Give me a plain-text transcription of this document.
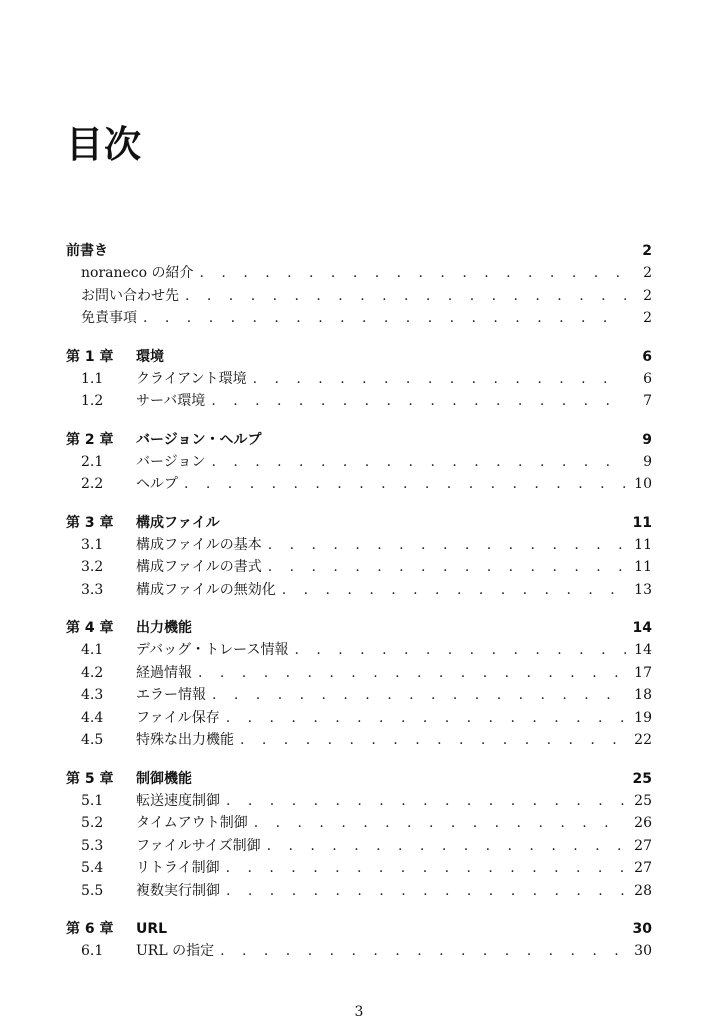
目次
前書き	2
noraneco の紹介 . . .	2
お問い合わせ先 . . .	2
免責事項 . . .	2
第 1 章	環境	6
1.1	クライアント環境 . . .	6
1.2	サーバ環境 . . .	7
第 2 章	バージョン・ヘルプ	9
2.1	バージョン . . .	9
2.2	ヘルプ . . .	10
第 3 章	構成ファイル	11
3.1	構成ファイルの基本 . . .	11
3.2	構成ファイルの書式 . . .	11
3.3	構成ファイルの無効化 . . .	13
第 4 章	出力機能	14
4.1	デバッグ・トレース情報 . . .	14
4.2	経過情報 . . .	17
4.3	エラー情報 . . .	18
4.4	ファイル保存 . . .	19
4.5	特殊な出力機能 . . .	22
第 5 章	制御機能	25
5.1	転送速度制御 . . .	25
5.2	タイムアウト制御 . . .	26
5.3	ファイルサイズ制御 . . .	27
5.4	リトライ制御 . . .	27
5.5	複数実行制御 . . .	28
第 6 章	URL	30
6.1	URL の指定 . . .	30
3
